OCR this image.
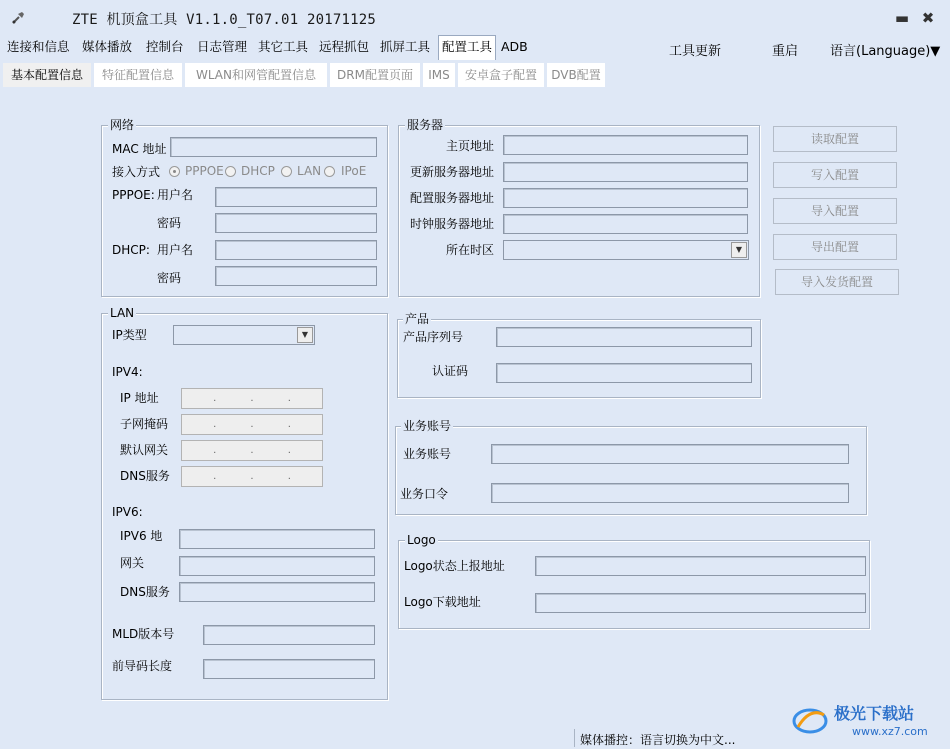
ZTE 机顶盒工具 V1.1.0_T07.01 20171125	▬ ✖
连接和信息 媒体播放 控制台 日志管理 其它工具 远程抓包 抓屏工具 配置工具 ADB	工具更新	重启 语言(Language)▼
基本配置信息	特征配置信息	WLAN和网管配置信息	DRM配置页面	IMS	安卓盒子配置	DVB配置
网络
MAC 地址
接入方式 PPPOE DHCP LAN IPoE
PPPOE: 用户名
密码
DHCP: 用户名
密码
服务器
主页地址
更新服务器地址
配置服务器地址
时钟服务器地址
所在时区	▼
LAN
IP类型	▼
IPV4:
IP 地址	.	.	.
子网掩码	.	.	.
默认网关	.	.	.
DNS服务	.	.	.
IPV6:
IPV6 地
网关
DNS服务
MLD版本号
前导码长度
产品
产品序列号
认证码
业务账号
业务账号
业务口令
Logo
Logo状态上报地址
Logo下载地址
读取配置
写入配置
导入配置
导出配置
导入发货配置
媒体播控：语言切换为中文...
极光下载站
www.xz7.com
